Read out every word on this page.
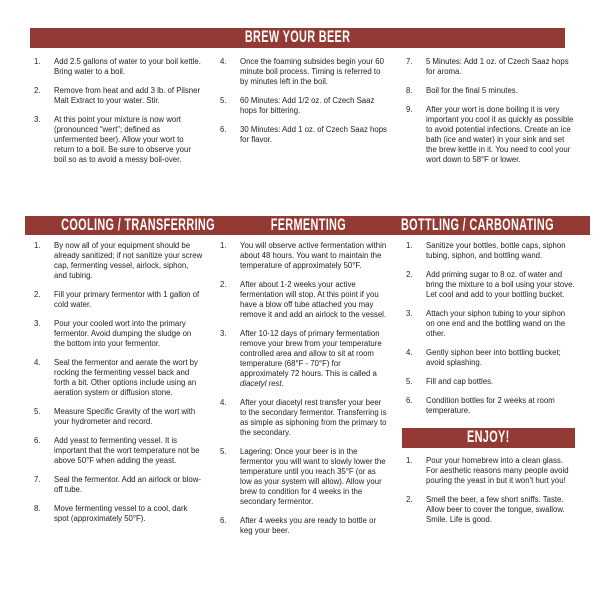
BREW YOUR BEER
1.	Add 2.5 gallons of water to your boil kettle. Bring water to a boil.
2.	Remove from heat and add 3 lb. of Pilsner Malt Extract to your water. Stir.
3.	At this point your mixture is now wort (pronounced “wert”; defined as unfermented beer). Allow your wort to return to a boil. Be sure to observe your boil so as to avoid a messy boil-over.
4.	Once the foaming subsides begin your 60 minute boil process. Timing is referred to by minutes left in the boil.
5.	60 Minutes: Add 1/2 oz. of Czech Saaz hops for bittering.
6.	30 Minutes: Add 1 oz. of Czech Saaz hops for flavor.
7.	5 Minutes: Add 1 oz. of Czech Saaz hops for aroma.
8.	Boil for the final 5 minutes.
9.	After your wort is done boiling it is very important you cool it as quickly as possible to avoid potential infections. Create an ice bath (ice and water) in your sink and set the brew kettle in it. You need to cool your wort down to 58°F or lower.
COOLING / TRANSFERRING	FERMENTING	BOTTLING / CARBONATING
1.	By now all of your equipment should be already sanitized; if not sanitize your screw cap, fermenting vessel, airlock, siphon, and tubing.
2.	Fill your primary fermentor with 1 gallon of cold water.
3.	Pour your cooled wort into the primary fermentor. Avoid dumping the sludge on the bottom into your fermentor.
4.	Seal the fermentor and aerate the wort by rocking the fermenting vessel back and forth a bit. Other options include using an aeration system or diffusion stone.
5.	Measure Specific Gravity of the wort with your hydrometer and record.
6.	Add yeast to fermenting vessel. It is important that the wort temperature not be above 50°F when adding the yeast.
7.	Seal the fermentor. Add an airlock or blow-off tube.
8.	Move fermenting vessel to a cool, dark spot (approximately 50°F).
1.	You will observe active fermentation within about 48 hours. You want to maintain the temperature of approximately 50°F.
2.	After about 1-2 weeks your active fermentation will stop. At this point if you have a blow off tube attached you may remove it and add an airlock to the vessel.
3.	After 10-12 days of primary fermentation remove your brew from your temperature controlled area and allow to sit at room temperature (68°F - 70°F) for approximately 72 hours. This is called a diacetyl rest.
4.	After your diacetyl rest transfer your beer to the secondary fermentor. Transferring is as simple as siphoning from the primary to the secondary.
5.	Lagering: Once your beer is in the fermentor you will want to slowly lower the temperature until you reach 35°F (or as low as your system will allow). Allow your brew to condition for 4 weeks in the secondary fermentor.
6.	After 4 weeks you are ready to bottle or keg your beer.
1.	Sanitize your bottles, bottle caps, siphon tubing, siphon, and bottling wand.
2.	Add priming sugar to 8 oz. of water and bring the mixture to a boil using your stove. Let cool and add to your bottling bucket.
3.	Attach your siphon tubing to your siphon on one end and the bottling wand on the other.
4.	Gently siphon beer into bottling bucket; avoid splashing.
5.	Fill and cap bottles.
6.	Condition bottles for 2 weeks at room temperature.
ENJOY!
1.	Pour your homebrew into a clean glass. For aesthetic reasons many people avoid pouring the yeast in but it won't hurt you!
2.	Smell the beer, a few short sniffs. Taste. Allow beer to cover the tongue, swallow. Smile. Life is good.
